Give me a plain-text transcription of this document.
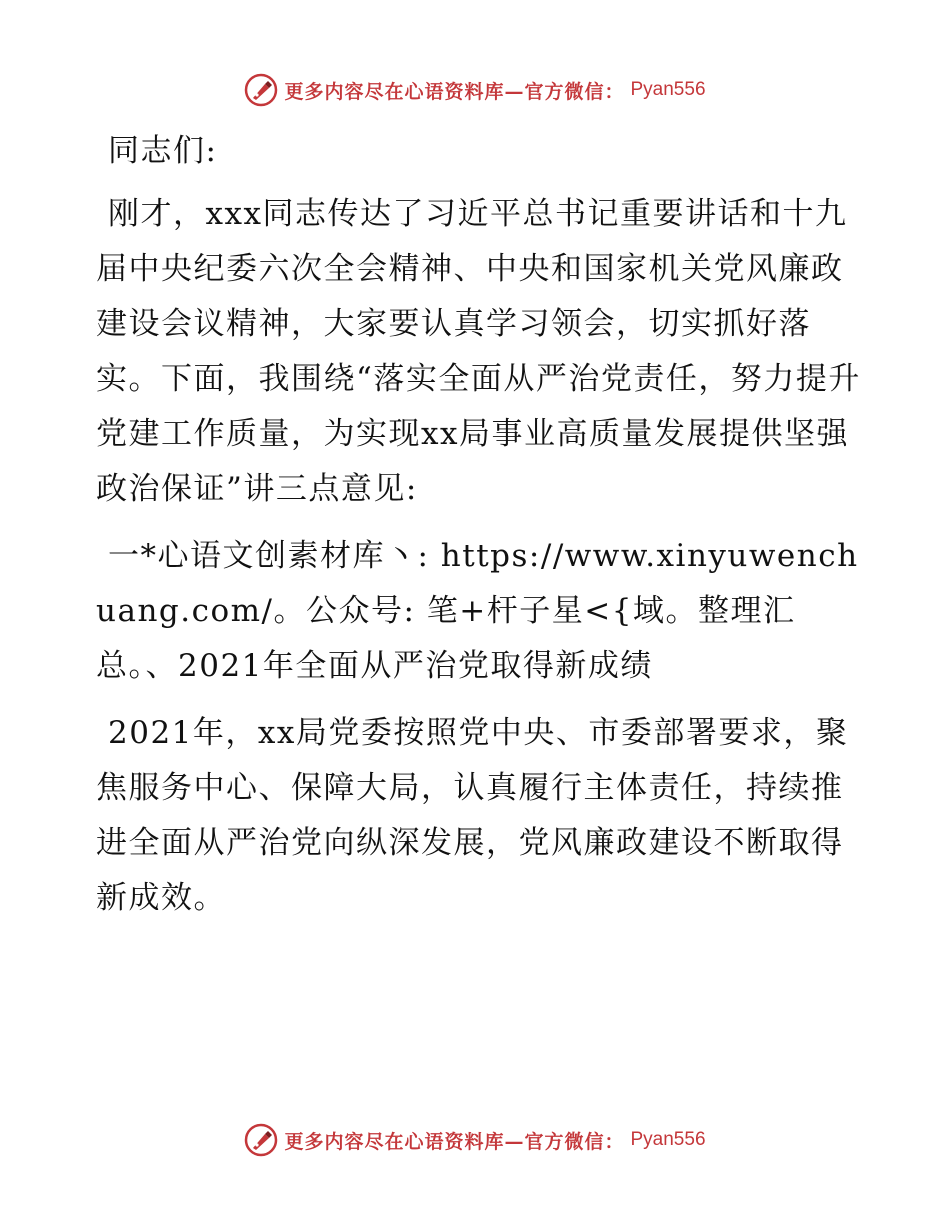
更多内容尽在心语资料库—官方微信： Pyan556

同志们:

刚才，xxx同志传达了习近平总书记重要讲话和十九届中央纪委六次全会精神、中央和国家机关党风廉政建设会议精神，大家要认真学习领会，切实抓好落实。下面，我围绕“落实全面从严治党责任，努力提升党建工作质量，为实现xx局事业高质量发展提供坚强政治保证”讲三点意见:

一*心语文创素材库丶: https://www.xinyuwenchuang.com/。公众号: 笔+杆子星<{域。整理汇总。、2021年全面从严治党取得新成绩

2021年，xx局党委按照党中央、市委部署要求，聚焦服务中心、保障大局，认真履行主体责任，持续推进全面从严治党向纵深发展，党风廉政建设不断取得新成效。

更多内容尽在心语资料库—官方微信： Pyan556
